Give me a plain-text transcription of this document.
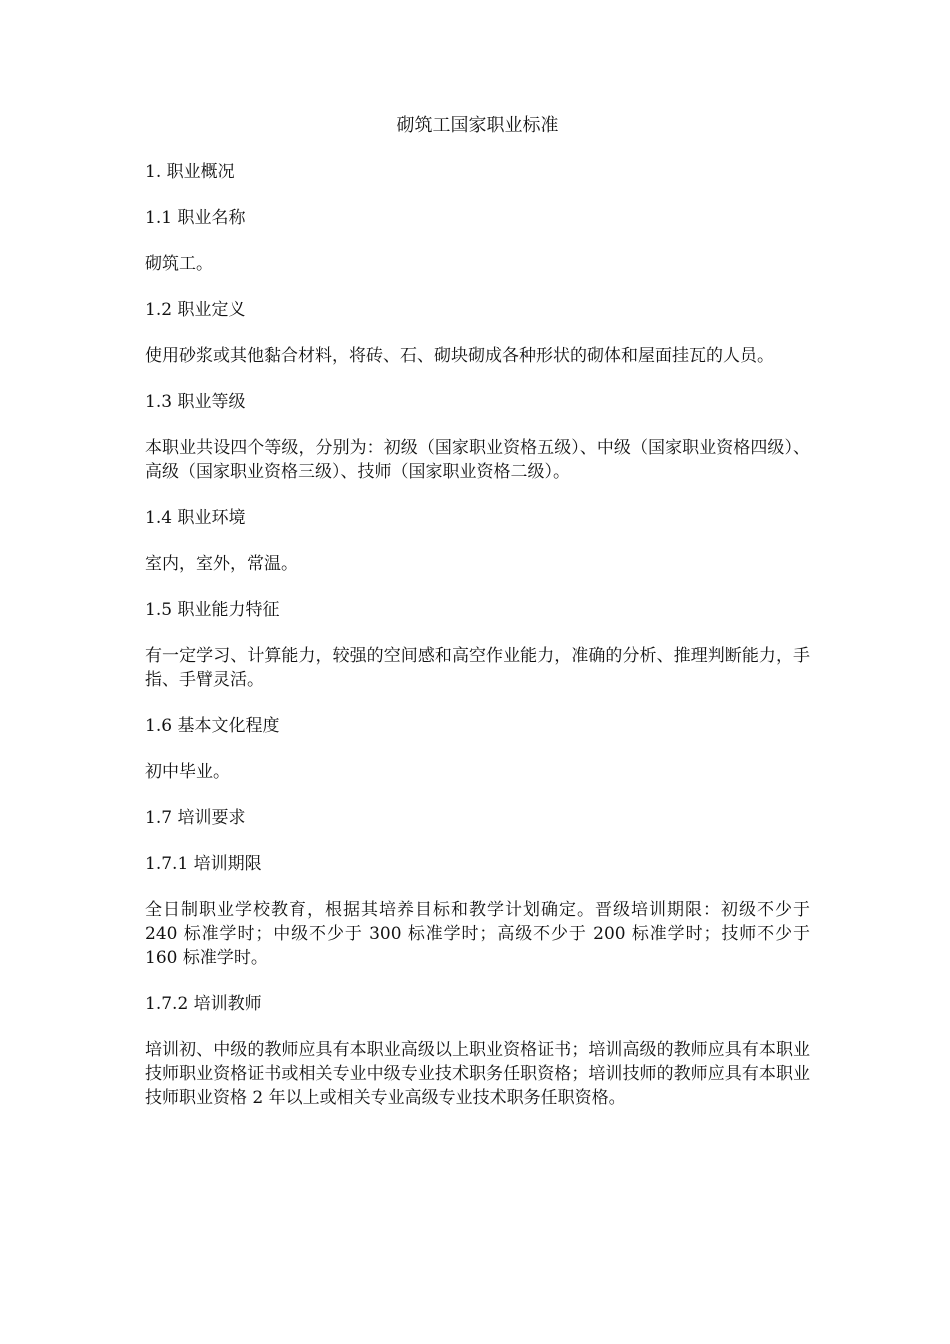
砌筑工国家职业标准

1. 职业概况

1.1 职业名称

砌筑工。

1.2 职业定义

使用砂浆或其他黏合材料，将砖、石、砌块砌成各种形状的砌体和屋面挂瓦的人员。

1.3 职业等级

本职业共设四个等级，分别为：初级（国家职业资格五级）、中级（国家职业资格四级）、高级（国家职业资格三级）、技师（国家职业资格二级）。

1.4 职业环境

室内，室外，常温。

1.5 职业能力特征

有一定学习、计算能力，较强的空间感和高空作业能力，准确的分析、推理判断能力，手指、手臂灵活。

1.6 基本文化程度

初中毕业。

1.7 培训要求

1.7.1 培训期限

全日制职业学校教育，根据其培养目标和教学计划确定。晋级培训期限：初级不少于 240 标准学时；中级不少于 300 标准学时；高级不少于 200 标准学时；技师不少于 160 标准学时。

1.7.2 培训教师

培训初、中级的教师应具有本职业高级以上职业资格证书；培训高级的教师应具有本职业技师职业资格证书或相关专业中级专业技术职务任职资格；培训技师的教师应具有本职业技师职业资格 2 年以上或相关专业高级专业技术职务任职资格。
